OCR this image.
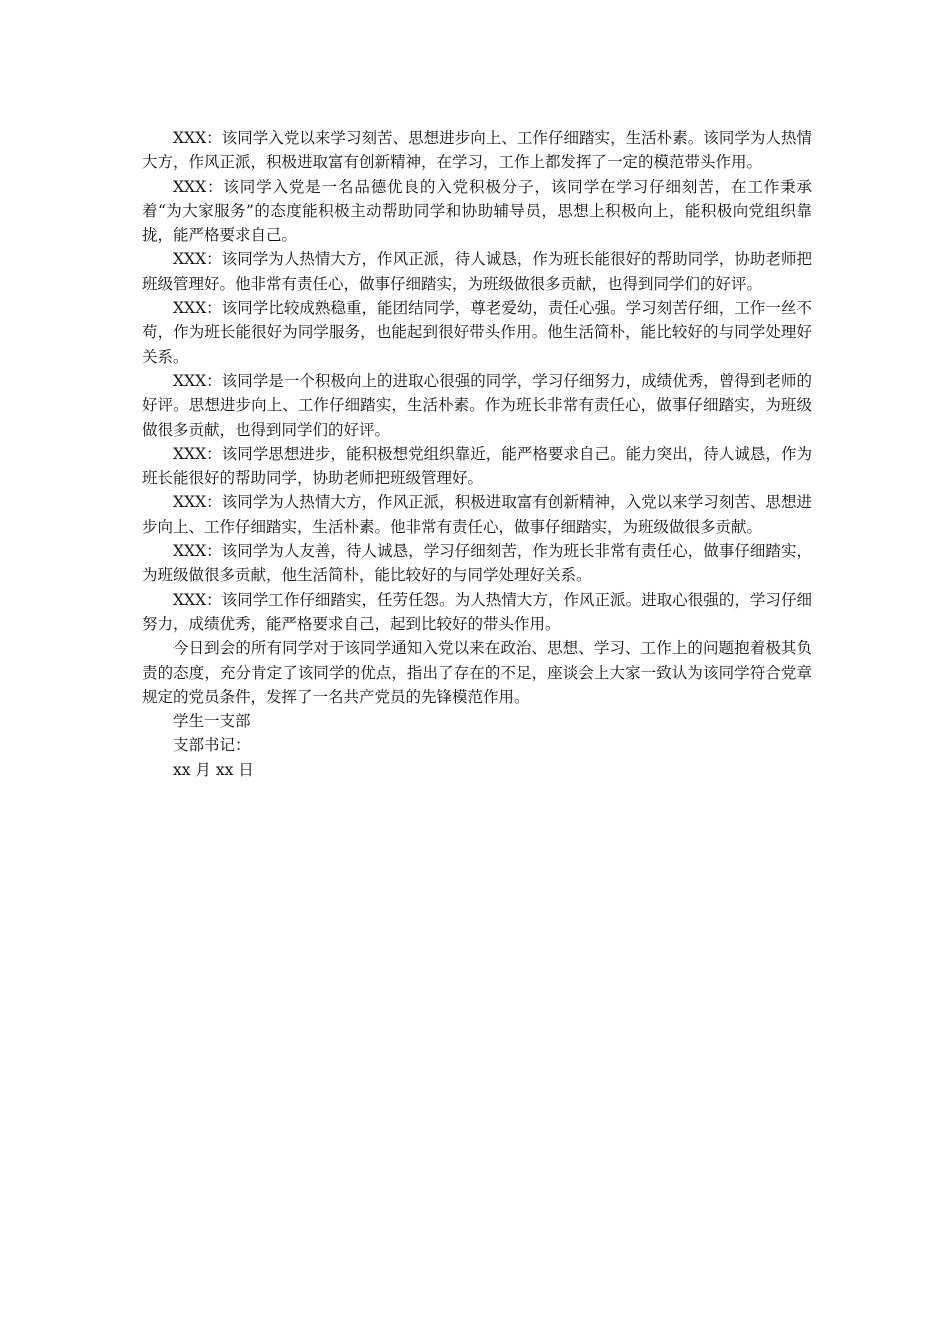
XXX：该同学入党以来学习刻苦、思想进步向上、工作仔细踏实，生活朴素。该同学为人热情大方，作风正派，积极进取富有创新精神，在学习，工作上都发挥了一定的模范带头作用。

XXX：该同学入党是一名品德优良的入党积极分子，该同学在学习仔细刻苦，在工作秉承着“为大家服务”的态度能积极主动帮助同学和协助辅导员，思想上积极向上，能积极向党组织靠拢，能严格要求自己。

XXX：该同学为人热情大方，作风正派，待人诚恳，作为班长能很好的帮助同学，协助老师把班级管理好。他非常有责任心，做事仔细踏实，为班级做很多贡献，也得到同学们的好评。

XXX：该同学比较成熟稳重，能团结同学，尊老爱幼，责任心强。学习刻苦仔细，工作一丝不苟，作为班长能很好为同学服务，也能起到很好带头作用。他生活简朴，能比较好的与同学处理好关系。

XXX：该同学是一个积极向上的进取心很强的同学，学习仔细努力，成绩优秀，曾得到老师的好评。思想进步向上、工作仔细踏实，生活朴素。作为班长非常有责任心，做事仔细踏实，为班级做很多贡献，也得到同学们的好评。

XXX：该同学思想进步，能积极想党组织靠近，能严格要求自己。能力突出，待人诚恳，作为班长能很好的帮助同学，协助老师把班级管理好。

XXX：该同学为人热情大方，作风正派，积极进取富有创新精神，入党以来学习刻苦、思想进步向上、工作仔细踏实，生活朴素。他非常有责任心，做事仔细踏实，为班级做很多贡献。

XXX：该同学为人友善，待人诚恳，学习仔细刻苦，作为班长非常有责任心，做事仔细踏实，为班级做很多贡献，他生活简朴，能比较好的与同学处理好关系。

XXX：该同学工作仔细踏实，任劳任怨。为人热情大方，作风正派。进取心很强的，学习仔细努力，成绩优秀，能严格要求自己，起到比较好的带头作用。

今日到会的所有同学对于该同学通知入党以来在政治、思想、学习、工作上的问题抱着极其负责的态度，充分肯定了该同学的优点，指出了存在的不足，座谈会上大家一致认为该同学符合党章规定的党员条件，发挥了一名共产党员的先锋模范作用。

学生一支部

支部书记：

xx 月 xx 日
